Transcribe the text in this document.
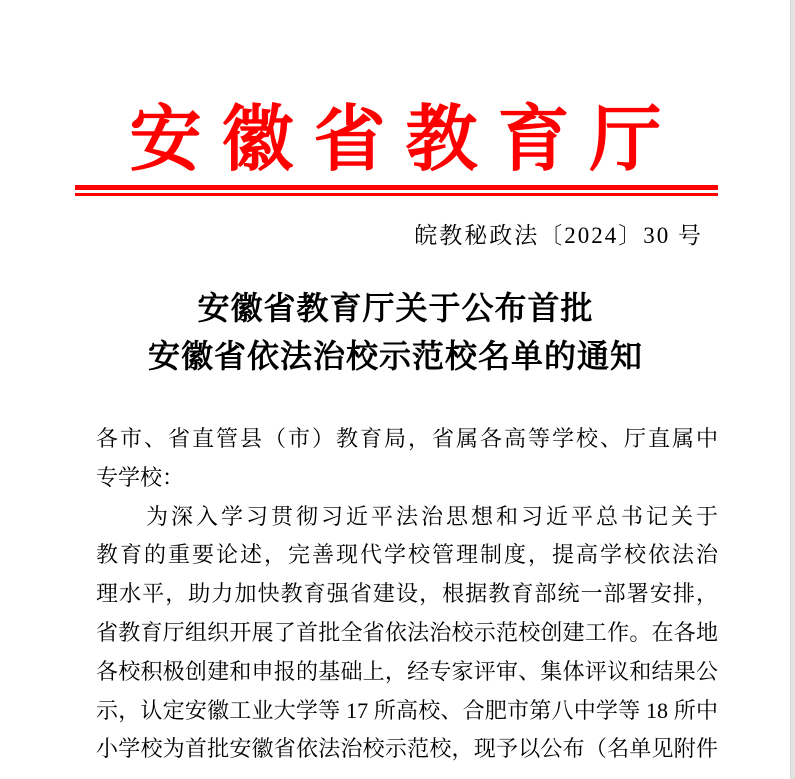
安徽省教育厅
皖教秘政法〔2024〕30 号
安徽省教育厅关于公布首批
安徽省依法治校示范校名单的通知
各市、省直管县（市）教育局，省属各高等学校、厅直属中
专学校：
　　为深入学习贯彻习近平法治思想和习近平总书记关于
教育的重要论述，完善现代学校管理制度，提高学校依法治
理水平，助力加快教育强省建设，根据教育部统一部署安排，
省教育厅组织开展了首批全省依法治校示范校创建工作。在各地
各校积极创建和申报的基础上，经专家评审、集体评议和结果公
示，认定安徽工业大学等 17 所高校、合肥市第八中学等 18 所中
小学校为首批安徽省依法治校示范校，现予以公布（名单见附件
